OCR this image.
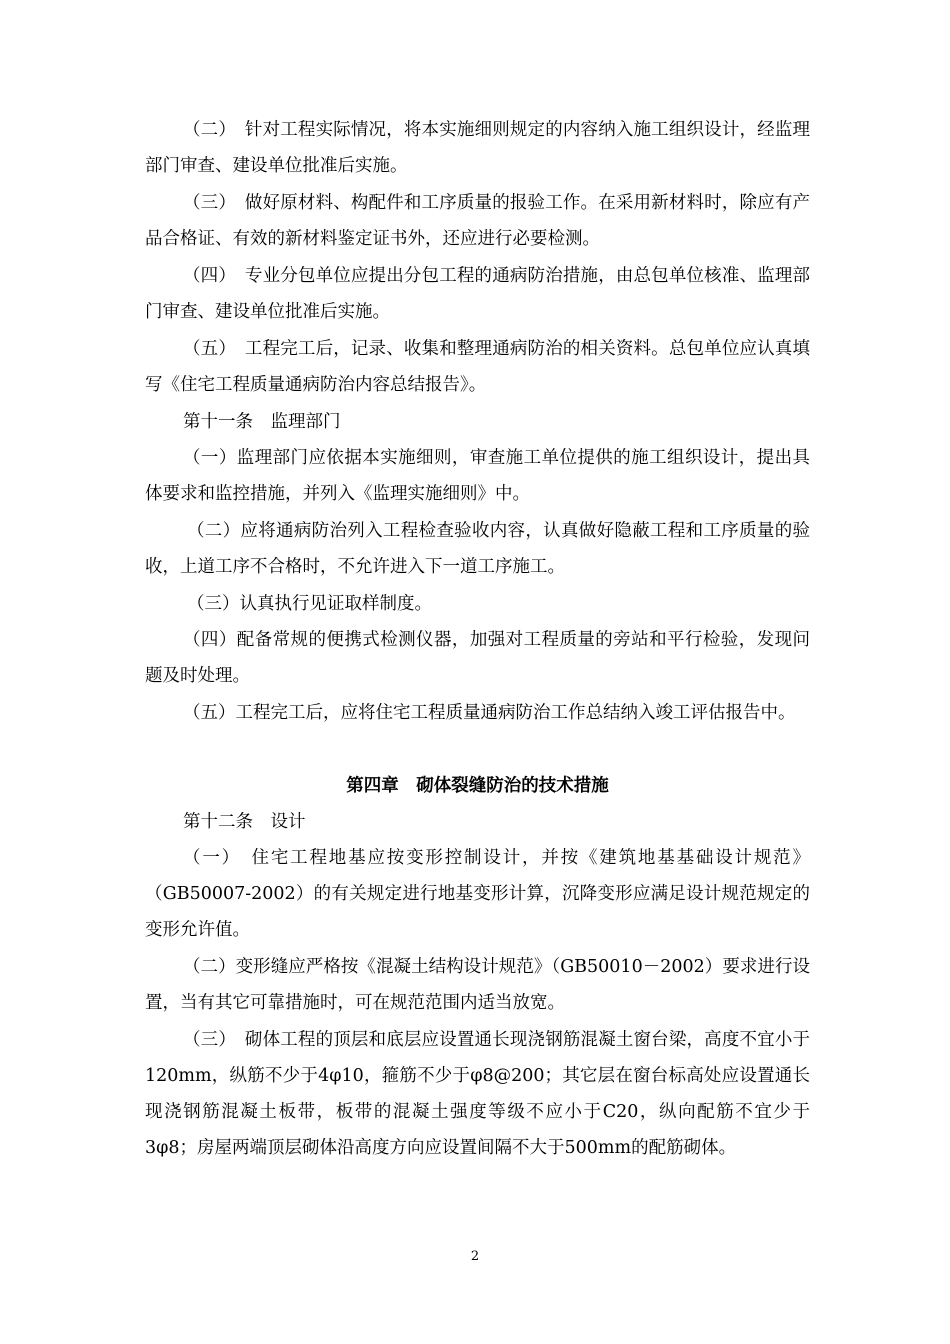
（二）　针对工程实际情况，将本实施细则规定的内容纳入施工组织设计，经监理部门审查、建设单位批准后实施。
（三）　做好原材料、构配件和工序质量的报验工作。在采用新材料时，除应有产品合格证、有效的新材料鉴定证书外，还应进行必要检测。
（四）　专业分包单位应提出分包工程的通病防治措施，由总包单位核准、监理部门审查、建设单位批准后实施。
（五）　工程完工后，记录、收集和整理通病防治的相关资料。总包单位应认真填写《住宅工程质量通病防治内容总结报告》。
第十一条　监理部门
（一）监理部门应依据本实施细则，审查施工单位提供的施工组织设计，提出具体要求和监控措施，并列入《监理实施细则》中。
（二）应将通病防治列入工程检查验收内容，认真做好隐蔽工程和工序质量的验收，上道工序不合格时，不允许进入下一道工序施工。
（三）认真执行见证取样制度。
（四）配备常规的便携式检测仪器，加强对工程质量的旁站和平行检验，发现问题及时处理。
（五）工程完工后，应将住宅工程质量通病防治工作总结纳入竣工评估报告中。
第四章　砌体裂缝防治的技术措施
第十二条　设计
（一）　住宅工程地基应按变形控制设计，并按《建筑地基基础设计规范》（GB50007-2002）的有关规定进行地基变形计算，沉降变形应满足设计规范规定的变形允许值。
（二）变形缝应严格按《混凝土结构设计规范》（GB50010－2002）要求进行设置，当有其它可靠措施时，可在规范范围内适当放宽。
（三）　砌体工程的顶层和底层应设置通长现浇钢筋混凝土窗台梁，高度不宜小于120mm，纵筋不少于4φ10，箍筋不少于φ8@200；其它层在窗台标高处应设置通长现浇钢筋混凝土板带，板带的混凝土强度等级不应小于C20，纵向配筋不宜少于3φ8；房屋两端顶层砌体沿高度方向应设置间隔不大于500mm的配筋砌体。
2
